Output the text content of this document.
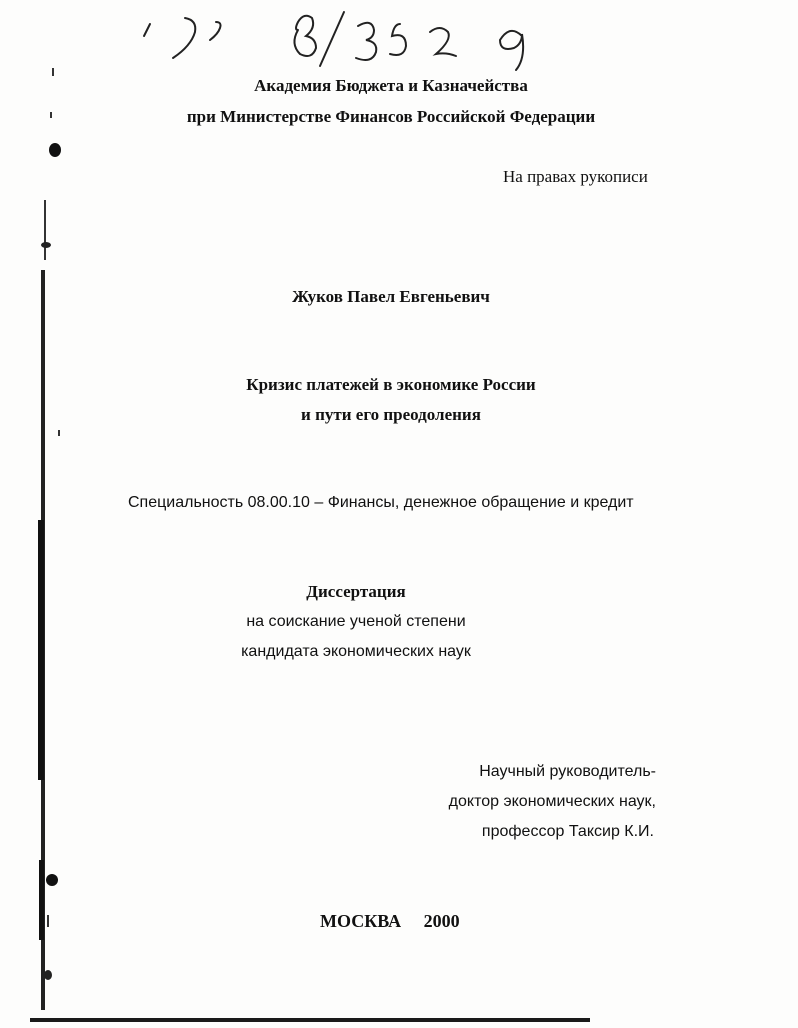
Академия Бюджета и Казначейства
при Министерстве Финансов Российской Федерации
На правах рукописи
Жуков Павел Евгеньевич
Кризис платежей в экономике России
и пути его преодоления
Специальность 08.00.10 – Финансы, денежное обращение и кредит
Диссертация
на соискание ученой степени
кандидата экономических наук
Научный руководитель-
доктор экономических наук,
профессор Таксир К.И.
МОСКВА 2000
